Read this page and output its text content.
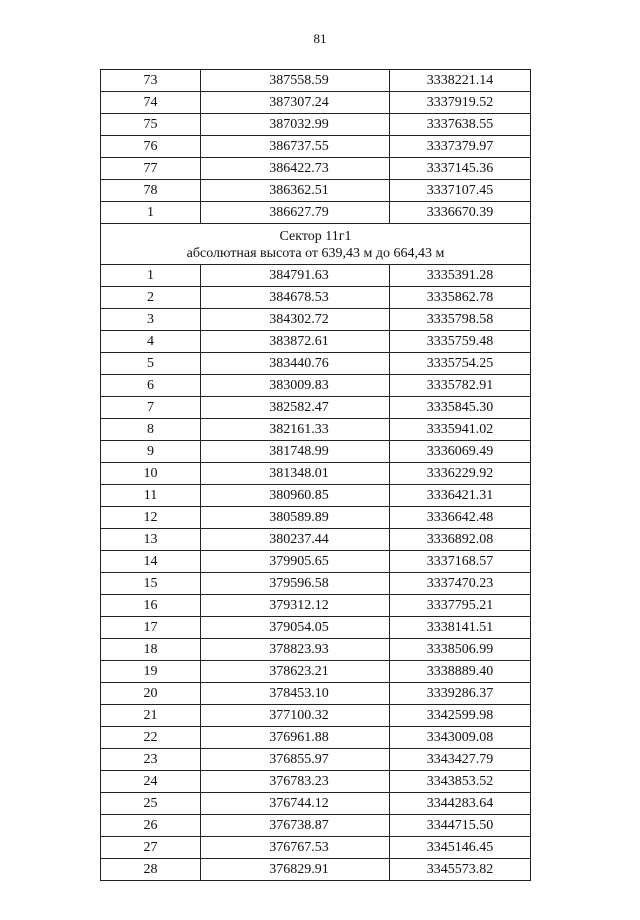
81
73	387558.59	3338221.14
74	387307.24	3337919.52
75	387032.99	3337638.55
76	386737.55	3337379.97
77	386422.73	3337145.36
78	386362.51	3337107.45
1	386627.79	3336670.39

Сектор 11г1
абсолютная высота от 639,43 м до 664,43 м		

1	384791.63	3335391.28
2	384678.53	3335862.78
3	384302.72	3335798.58
4	383872.61	3335759.48
5	383440.76	3335754.25
6	383009.83	3335782.91
7	382582.47	3335845.30
8	382161.33	3335941.02
9	381748.99	3336069.49
10	381348.01	3336229.92
11	380960.85	3336421.31
12	380589.89	3336642.48
13	380237.44	3336892.08
14	379905.65	3337168.57
15	379596.58	3337470.23
16	379312.12	3337795.21
17	379054.05	3338141.51
18	378823.93	3338506.99
19	378623.21	3338889.40
20	378453.10	3339286.37
21	377100.32	3342599.98
22	376961.88	3343009.08
23	376855.97	3343427.79
24	376783.23	3343853.52
25	376744.12	3344283.64
26	376738.87	3344715.50
27	376767.53	3345146.45
28	376829.91	3345573.82
